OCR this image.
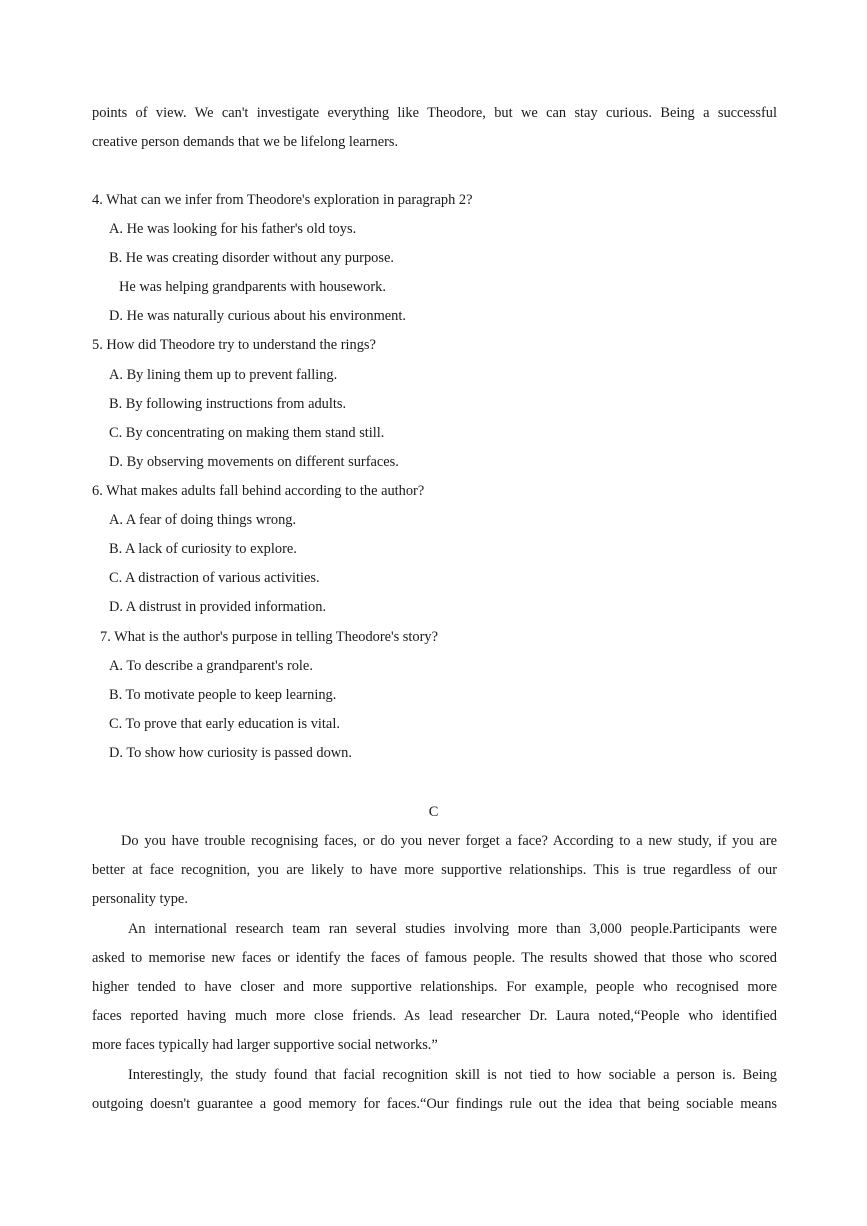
points of view. We can't investigate everything like Theodore, but we can stay curious. Being a successful
creative person demands that we be lifelong learners.
4. What can we infer from Theodore's exploration in paragraph 2?
A. He was looking for his father's old toys.
B. He was creating disorder without any purpose.
He was helping grandparents with housework.
D. He was naturally curious about his environment.
5. How did Theodore try to understand the rings?
A. By lining them up to prevent falling.
B. By following instructions from adults.
C. By concentrating on making them stand still.
D. By observing movements on different surfaces.
6. What makes adults fall behind according to the author?
A. A fear of doing things wrong.
B. A lack of curiosity to explore.
C. A distraction of various activities.
D. A distrust in provided information.
7. What is the author's purpose in telling Theodore's story?
A. To describe a grandparent's role.
B. To motivate people to keep learning.
C. To prove that early education is vital.
D. To show how curiosity is passed down.
C
Do you have trouble recognising faces, or do you never forget a face? According to a new study, if you are
better at face recognition, you are likely to have more supportive relationships. This is true regardless of our
personality type.
An international research team ran several studies involving more than 3,000 people.Participants were
asked to memorise new faces or identify the faces of famous people. The results showed that those who scored
higher tended to have closer and more supportive relationships. For example, people who recognised more
faces reported having much more close friends. As lead researcher Dr. Laura noted,“People who identified
more faces typically had larger supportive social networks.”
Interestingly, the study found that facial recognition skill is not tied to how sociable a person is. Being
outgoing doesn't guarantee a good memory for faces.“Our findings rule out the idea that being sociable means
